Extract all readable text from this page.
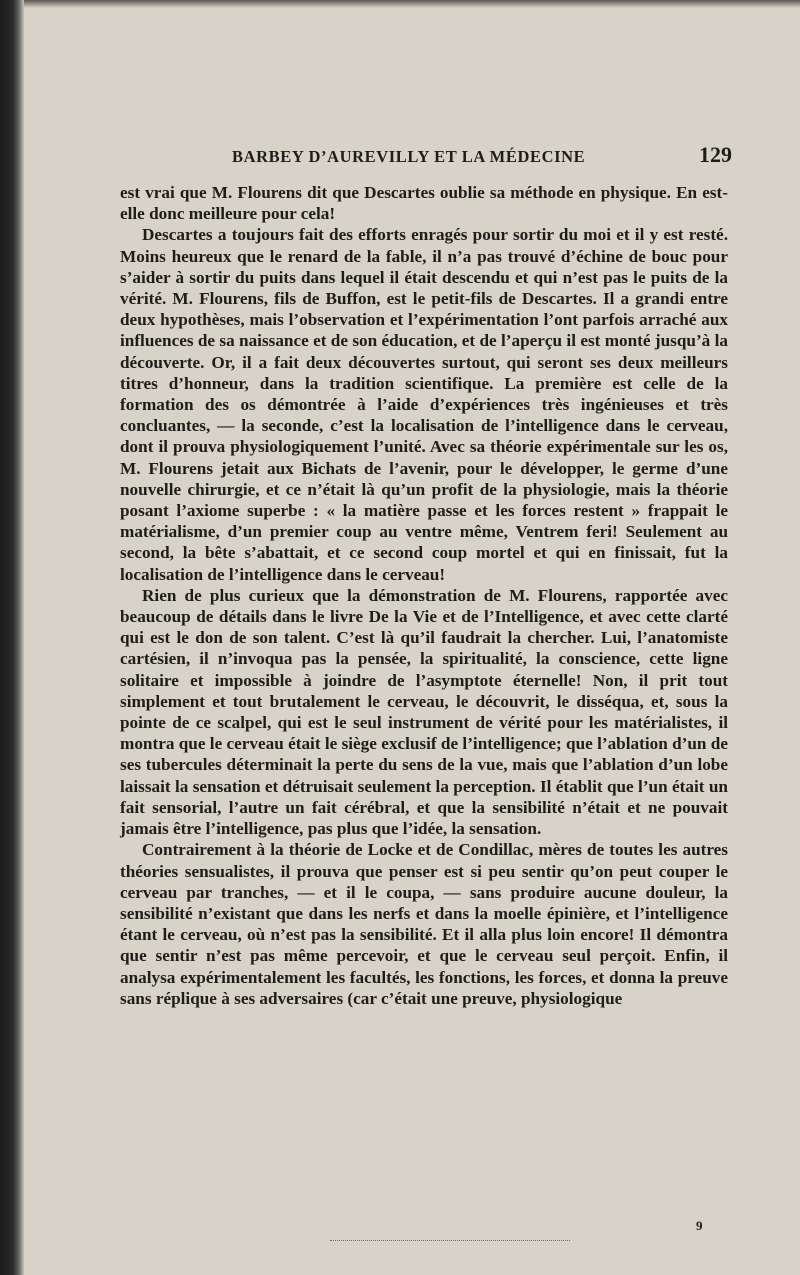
BARBEY D’AUREVILLY ET LA MÉDECINE	129

est vrai que M. Flourens dit que Descartes oublie sa méthode en physique. En est-elle donc meilleure pour cela!

Descartes a toujours fait des efforts enragés pour sortir du moi et il y est resté. Moins heureux que le renard de la fable, il n’a pas trouvé d’échine de bouc pour s’aider à sortir du puits dans lequel il était descendu et qui n’est pas le puits de la vérité. M. Flourens, fils de Buffon, est le petit-fils de Descartes. Il a grandi entre deux hypothèses, mais l’observation et l’expérimentation l’ont parfois arraché aux influences de sa naissance et de son éducation, et de l’aperçu il est monté jusqu’à la découverte. Or, il a fait deux découvertes surtout, qui seront ses deux meilleurs titres d’honneur, dans la tradition scientifique. La première est celle de la formation des os démontrée à l’aide d’expériences très ingénieuses et très concluantes, — la seconde, c’est la localisation de l’intelligence dans le cerveau, dont il prouva physiologiquement l’unité. Avec sa théorie expérimentale sur les os, M. Flourens jetait aux Bichats de l’avenir, pour le développer, le germe d’une nouvelle chirurgie, et ce n’était là qu’un profit de la physiologie, mais la théorie posant l’axiome superbe : « la matière passe et les forces restent » frappait le matérialisme, d’un premier coup au ventre même, Ventrem feri! Seulement au second, la bête s’abattait, et ce second coup mortel et qui en finissait, fut la localisation de l’intelligence dans le cerveau!

Rien de plus curieux que la démonstration de M. Flourens, rapportée avec beaucoup de détails dans le livre De la Vie et de l’Intelligence, et avec cette clarté qui est le don de son talent. C’est là qu’il faudrait la chercher. Lui, l’anatomiste cartésien, il n’invoqua pas la pensée, la spiritualité, la conscience, cette ligne solitaire et impossible à joindre de l’asymptote éternelle! Non, il prit tout simplement et tout brutalement le cerveau, le découvrit, le disséqua, et, sous la pointe de ce scalpel, qui est le seul instrument de vérité pour les matérialistes, il montra que le cerveau était le siège exclusif de l’intelligence; que l’ablation d’un de ses tubercules déterminait la perte du sens de la vue, mais que l’ablation d’un lobe laissait la sensation et détruisait seulement la perception. Il établit que l’un était un fait sensorial, l’autre un fait cérébral, et que la sensibilité n’était et ne pouvait jamais être l’intelligence, pas plus que l’idée, la sensation.

Contrairement à la théorie de Locke et de Condillac, mères de toutes les autres théories sensualistes, il prouva que penser est si peu sentir qu’on peut couper le cerveau par tranches, — et il le coupa, — sans produire aucune douleur, la sensibilité n’existant que dans les nerfs et dans la moelle épinière, et l’intelligence étant le cerveau, où n’est pas la sensibilité. Et il alla plus loin encore! Il démontra que sentir n’est pas même percevoir, et que le cerveau seul perçoit. Enfin, il analysa expérimentalement les facultés, les fonctions, les forces, et donna la preuve sans réplique à ses adversaires (car c’était une preuve, physiologique

9
